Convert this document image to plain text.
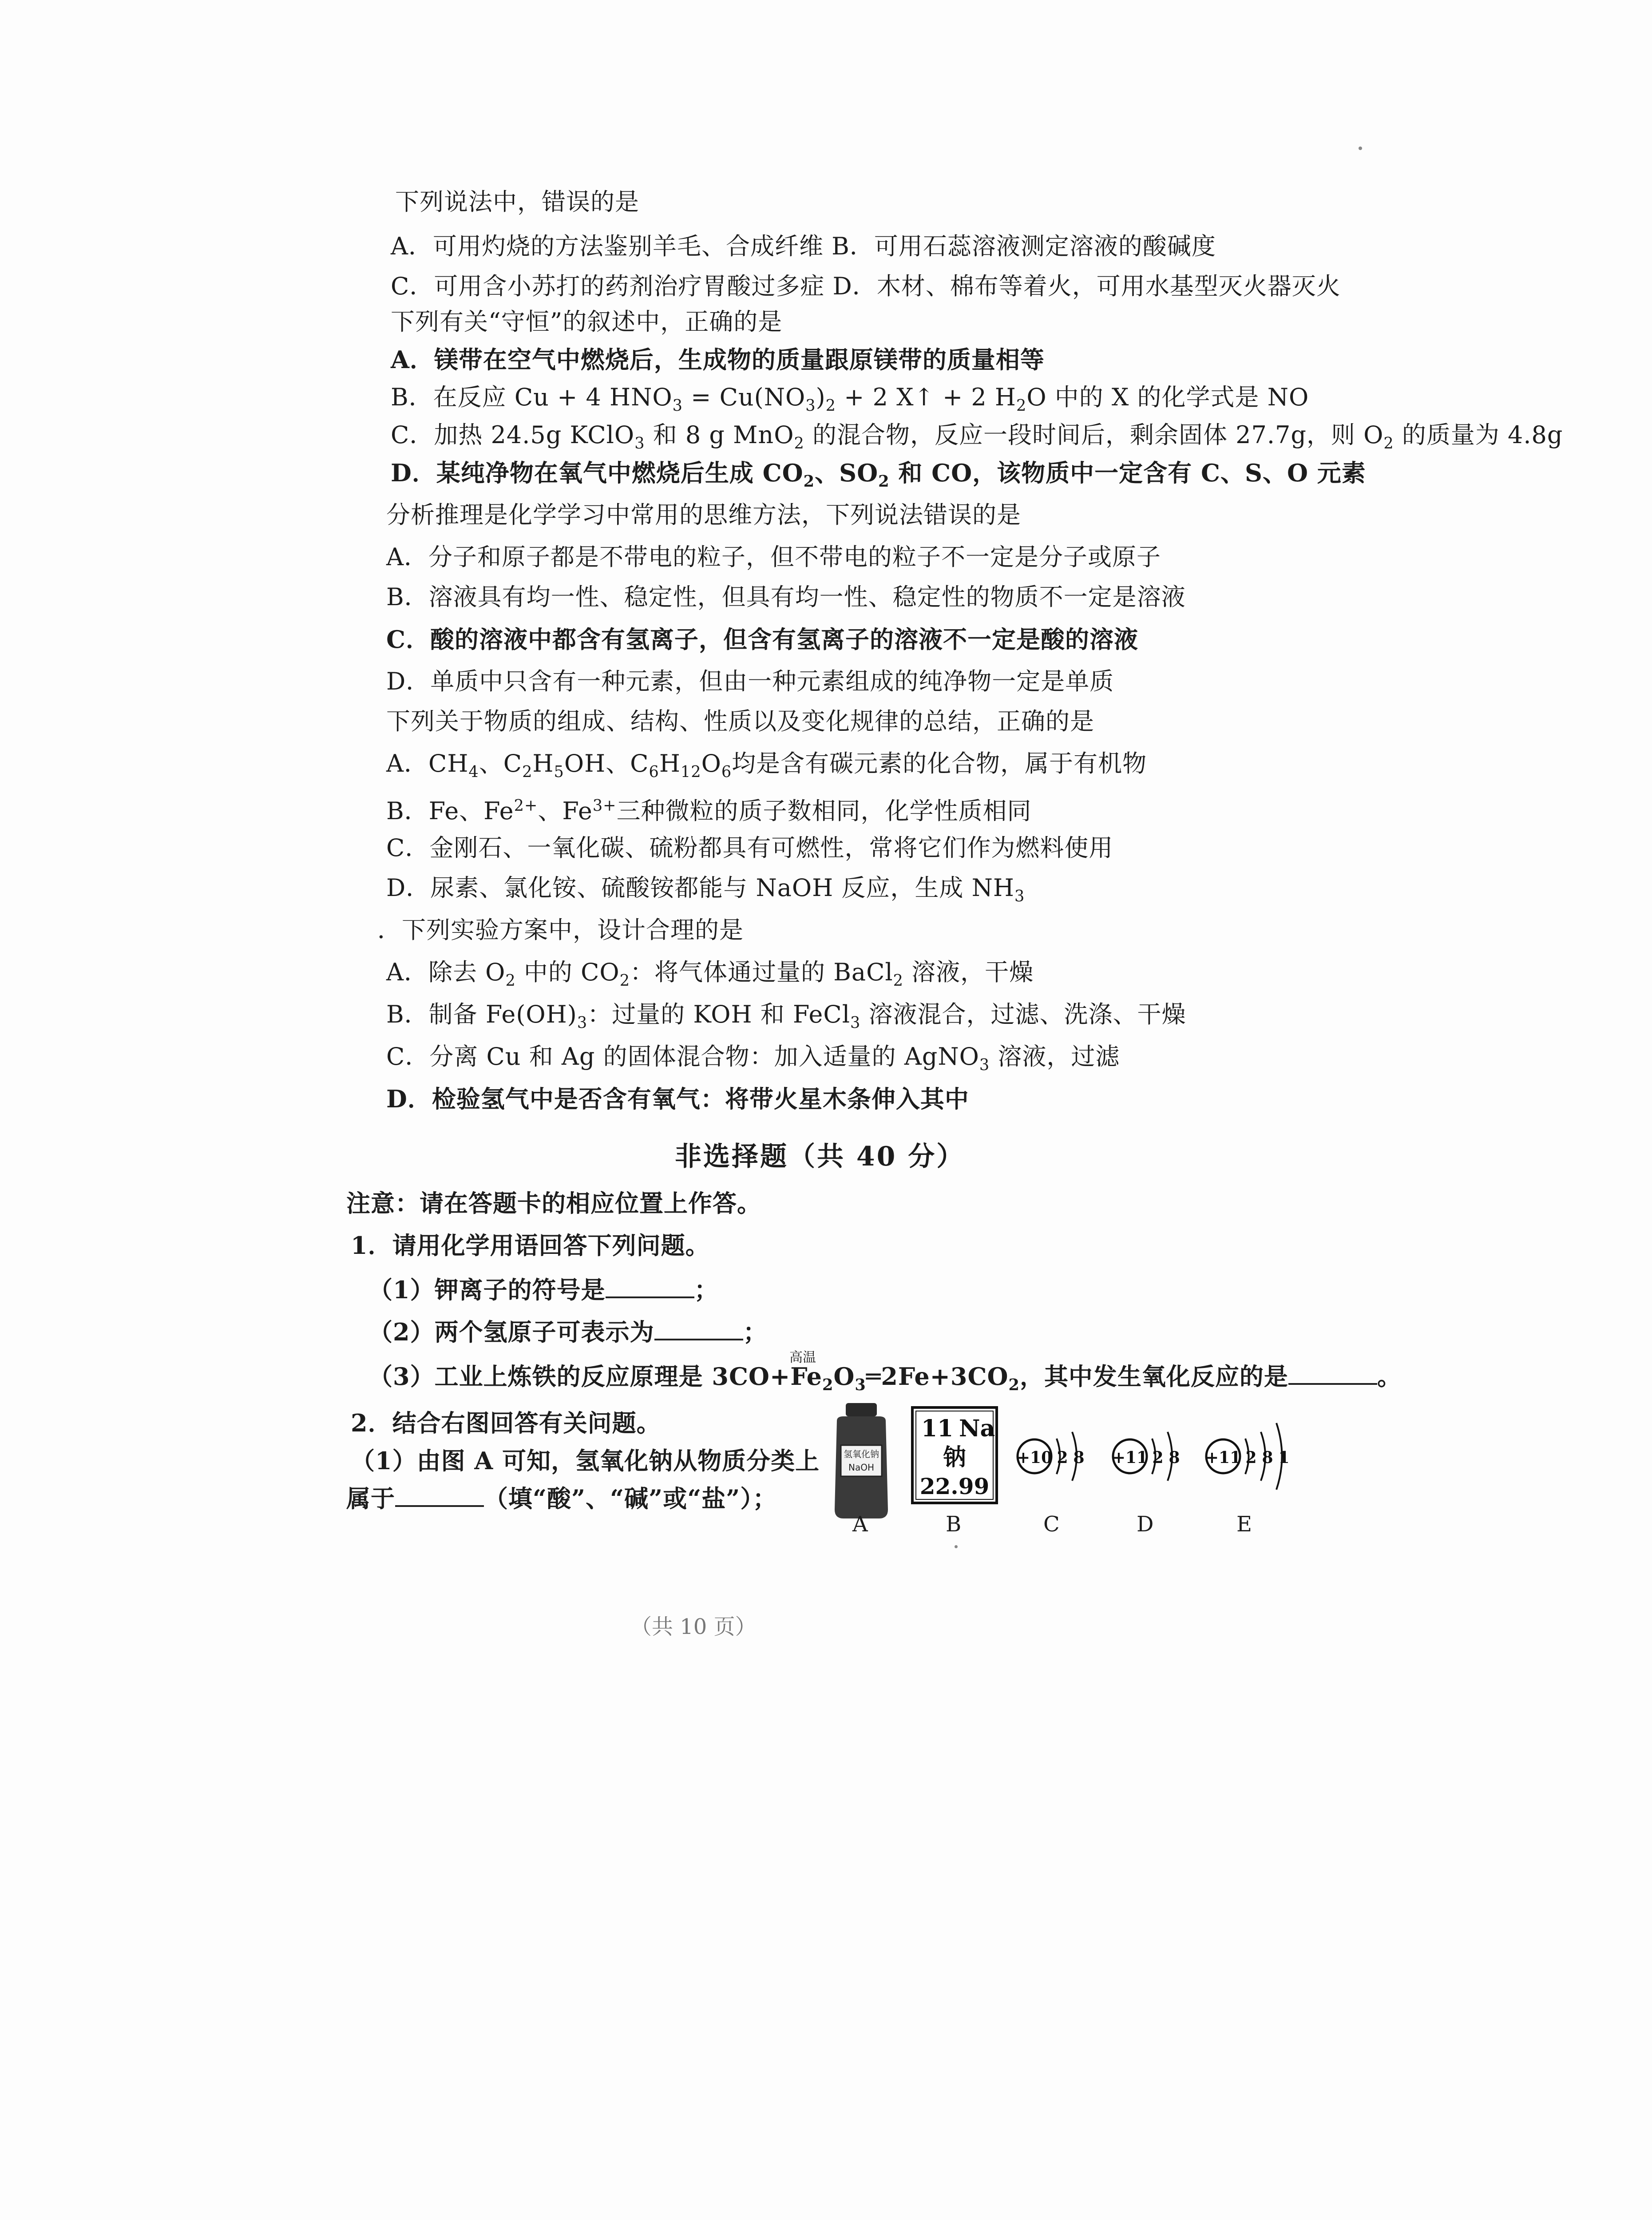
下列说法中，错误的是
A．可用灼烧的方法鉴别羊毛、合成纤维 B．可用石蕊溶液测定溶液的酸碱度
C．可用含小苏打的药剂治疗胃酸过多症 D．木材、棉布等着火，可用水基型灭火器灭火
下列有关“守恒”的叙述中，正确的是
A．镁带在空气中燃烧后，生成物的质量跟原镁带的质量相等
B．在反应 Cu + 4 $HNO_3 = Cu(NO_3)_2 + 2$ X↑ + 2 $H_2O$ 中的 X 的化学式是 NO
C．加热 24.5g KClO$_3$ 和 8 g MnO$_2$ 的混合物，反应一段时间后，剩余固体 27.7g，则 $O_2$ 的质量为 4.8g
D．某纯净物在氧气中燃烧后生成 $CO_2$、$SO_2$ 和 CO，该物质中一定含有 C、S、O 元素
分析推理是化学学习中常用的思维方法，下列说法错误的是
A．分子和原子都是不带电的粒子，但不带电的粒子不一定是分子或原子
B．溶液具有均一性、稳定性，但具有均一性、稳定性的物质不一定是溶液
C．酸的溶液中都含有氢离子，但含有氢离子的溶液不一定是酸的溶液
D．单质中只含有一种元素，但由一种元素组成的纯净物一定是单质
下列关于物质的组成、结构、性质以及变化规律的总结，正确的是
A．$CH_4$、$C_2H_5OH$、$C_6H_{12}O_6$均是含有碳元素的化合物，属于有机物
B．Fe、$Fe^{2+}$、$Fe^{3+}$三种微粒的质子数相同，化学性质相同
C．金刚石、一氧化碳、硫粉都具有可燃性，常将它们作为燃料使用
D．尿素、氯化铵、硫酸铵都能与 NaOH 反应，生成 $NH_3$
．下列实验方案中，设计合理的是
A．除去 $O_2$ 中的 $CO_2$：将气体通过量的 BaCl$_2$ 溶液，干燥
B．制备 $Fe(OH)_3$：过量的 KOH 和 FeCl$_3$ 溶液混合，过滤、洗涤、干燥
C．分离 Cu 和 Ag 的固体混合物：加入适量的 AgNO$_3$ 溶液，过滤
D．检验氢气中是否含有氧气：将带火星木条伸入其中
非选择题（共 40 分）
注意：请在答题卡的相应位置上作答。
1．请用化学用语回答下列问题。
（1）钾离子的符号是	；
（2）两个氢原子可表示为	；
高温
（3）工业上炼铁的反应原理是 $3CO+Fe_2O_3═2Fe+3CO_2$，其中发生氧化反应的是	。
2．结合右图回答有关问题。
（1）由图 A 可知，氢氧化钠从物质分类上
属于	（填“酸”、“碱”或“盐”）；
氢氧化钠
NaOH
11 Na
钠
22.99
+10 2 8 +11 2 8 +11 2 8 1
A	B	C	D	E
（共 10 页）
